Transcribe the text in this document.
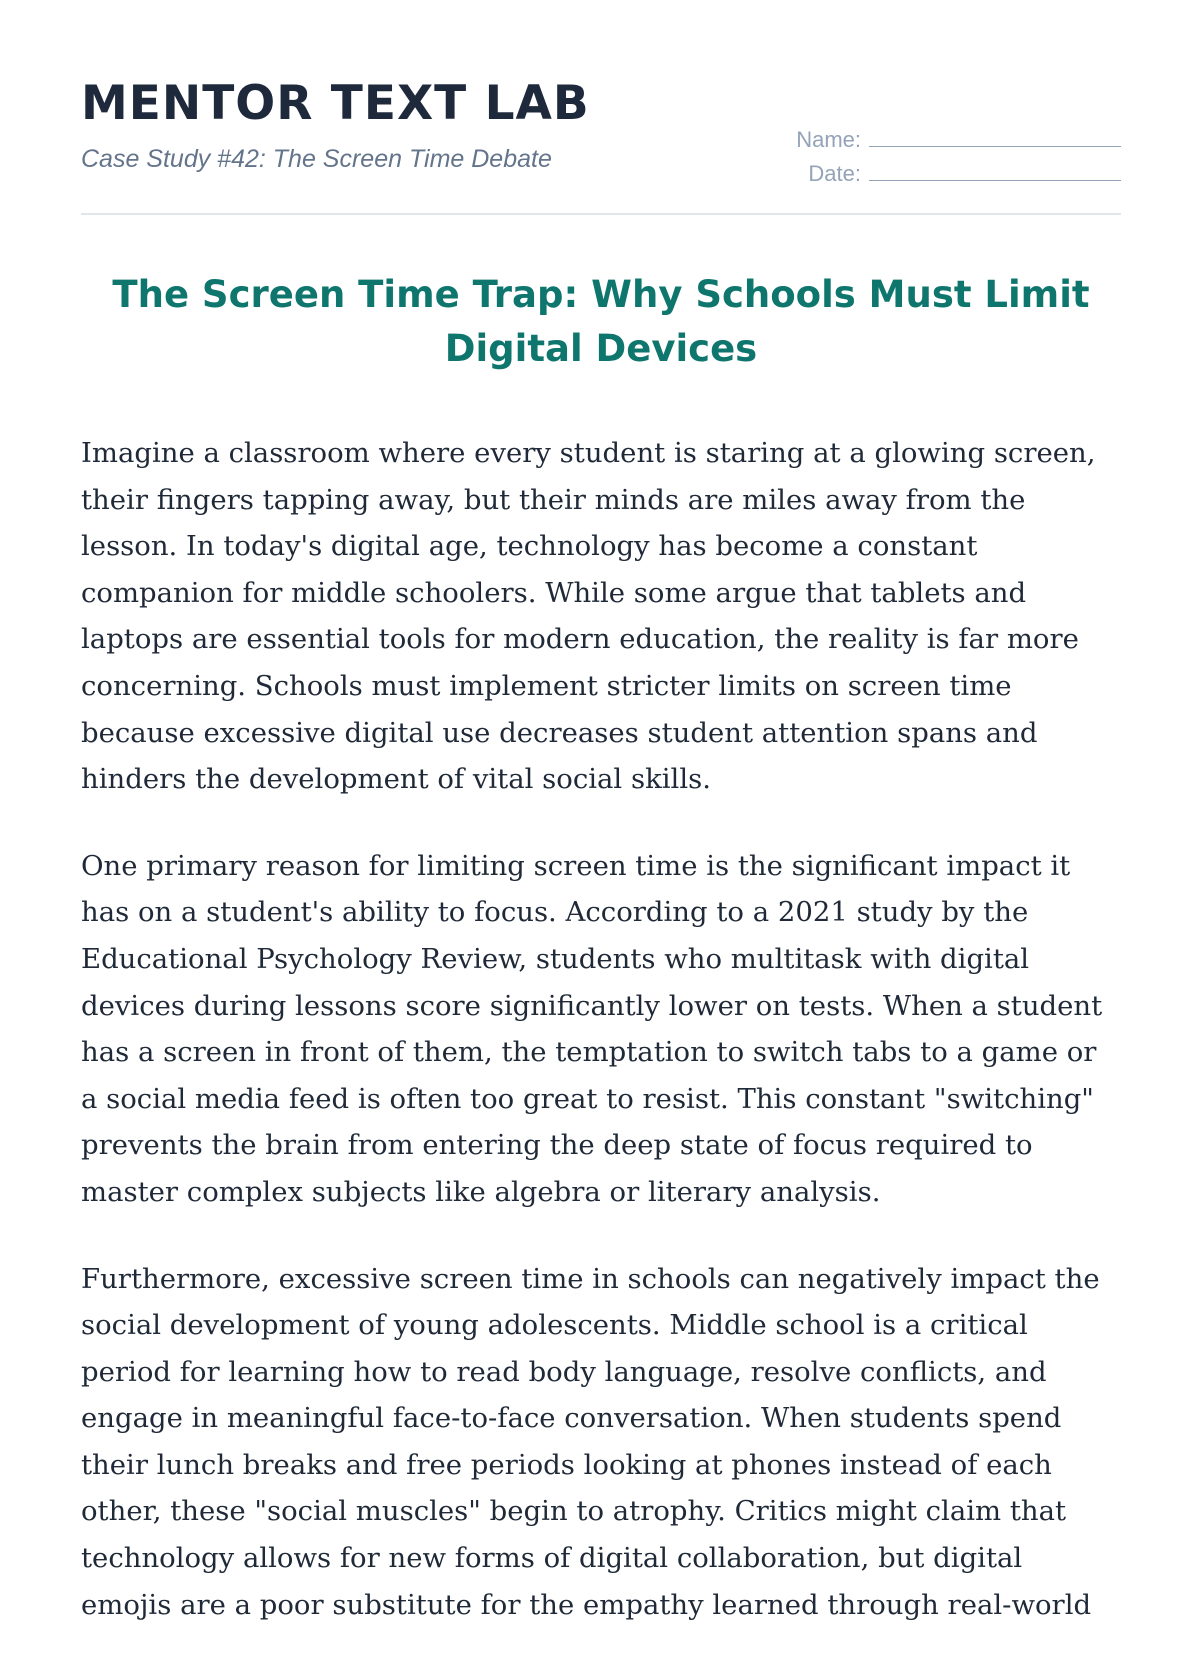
MENTOR TEXT LAB
Case Study #42: The Screen Time Debate
Name:
Date:
The Screen Time Trap: Why Schools Must Limit Digital Devices

Imagine a classroom where every student is staring at a glowing screen, their fingers tapping away, but their minds are miles away from the lesson. In today's digital age, technology has become a constant companion for middle schoolers. While some argue that tablets and laptops are essential tools for modern education, the reality is far more concerning. Schools must implement stricter limits on screen time because excessive digital use decreases student attention spans and hinders the development of vital social skills.

One primary reason for limiting screen time is the significant impact it has on a student's ability to focus. According to a 2021 study by the Educational Psychology Review, students who multitask with digital devices during lessons score significantly lower on tests. When a student has a screen in front of them, the temptation to switch tabs to a game or a social media feed is often too great to resist. This constant "switching" prevents the brain from entering the deep state of focus required to master complex subjects like algebra or literary analysis.

Furthermore, excessive screen time in schools can negatively impact the social development of young adolescents. Middle school is a critical period for learning how to read body language, resolve conflicts, and engage in meaningful face-to-face conversation. When students spend their lunch breaks and free periods looking at phones instead of each other, these "social muscles" begin to atrophy. Critics might claim that technology allows for new forms of digital collaboration, but digital emojis are a poor substitute for the empathy learned through real-world
